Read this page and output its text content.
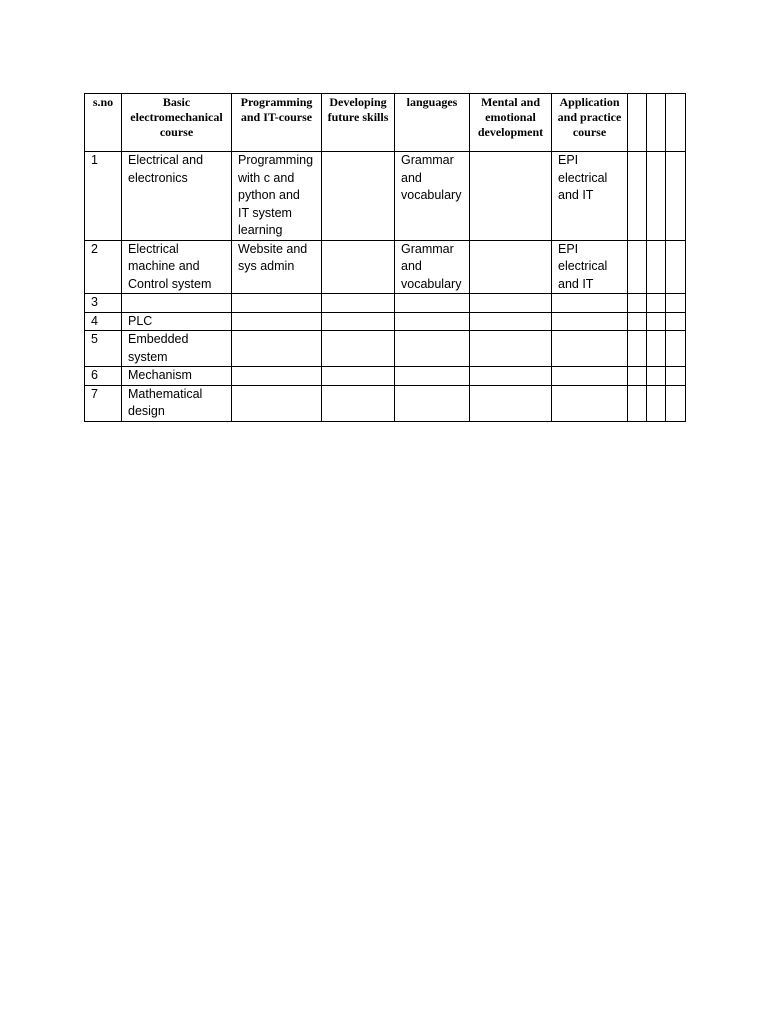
s.no	Basic electromechanical course	Programming and IT-course	Developing future skills	languages	Mental and emotional development	Application and practice course			
1	Electrical and
electronics	Programming
with c and
python and
IT system
learning		Grammar
and
vocabulary		EPI
electrical
and IT			
2	Electrical
machine and
Control system	Website and
sys admin		Grammar
and
vocabulary		EPI
electrical
and IT			
3									
4	PLC								
5	Embedded
system								
6	Mechanism								
7	Mathematical
design								
